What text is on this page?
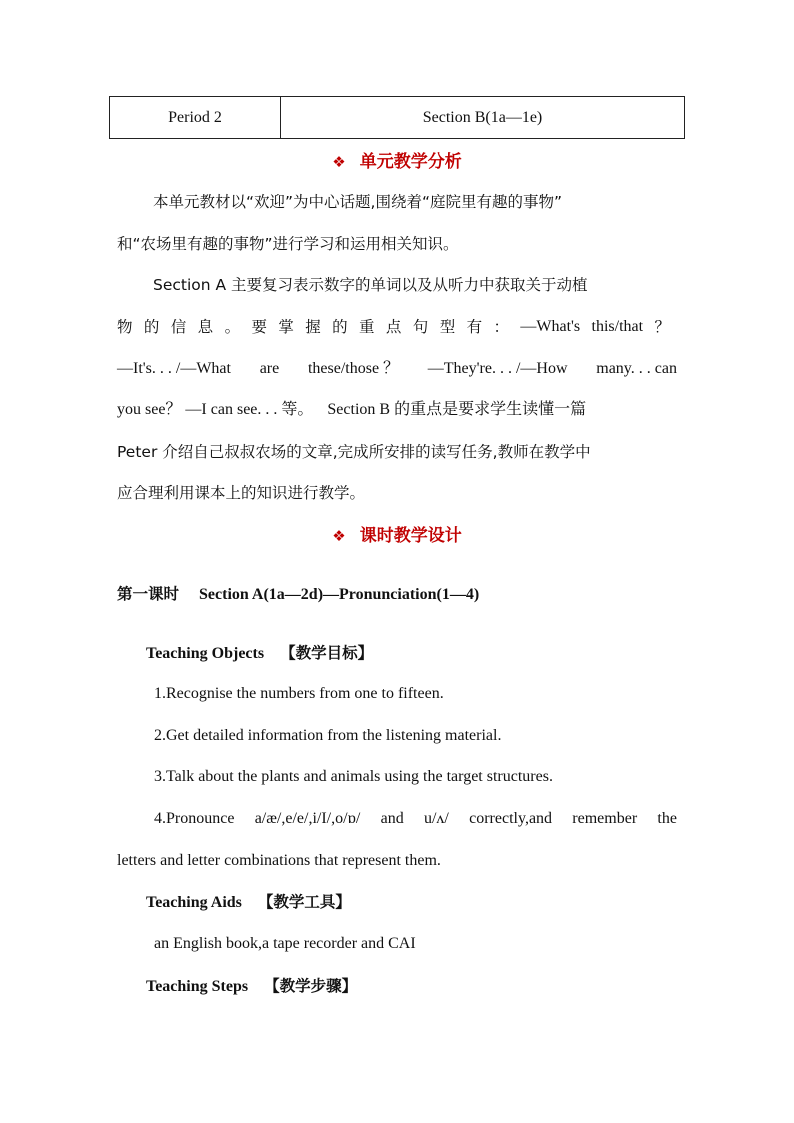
Period 2	Section B(1a—1e)
❖ 单元教学分析
本单元教材以“欢迎”为中心话题,围绕着“庭院里有趣的事物”
和“农场里有趣的事物”进行学习和运用相关知识。
Section A 主要复习表示数字的单词以及从听力中获取关于动植
物 的 信 息 。 要 掌 握 的 重 点 句 型 有 ： —What's this/that ？
—It's. . . /—What are these/those ？ —They're. . . /—How many. . . can
you see？ —I can see. . . 等。 Section B 的重点是要求学生读懂一篇
Peter 介绍自己叔叔农场的文章,完成所安排的读写任务,教师在教学中
应合理利用课本上的知识进行教学。
❖ 课时教学设计
第一课时 Section A(1a—2d)—Pronunciation(1—4)
Teaching Objects 【教学目标】
1.Recognise the numbers from one to fifteen.
2.Get detailed information from the listening material.
3.Talk about the plants and animals using the target structures.
4.Pronounce a/æ/,e/e/,i/I/,o/ɒ/ and u/ʌ/ correctly,and remember the
letters and letter combinations that represent them.
Teaching Aids 【教学工具】
an English book,a tape recorder and CAI
Teaching Steps 【教学步骤】
